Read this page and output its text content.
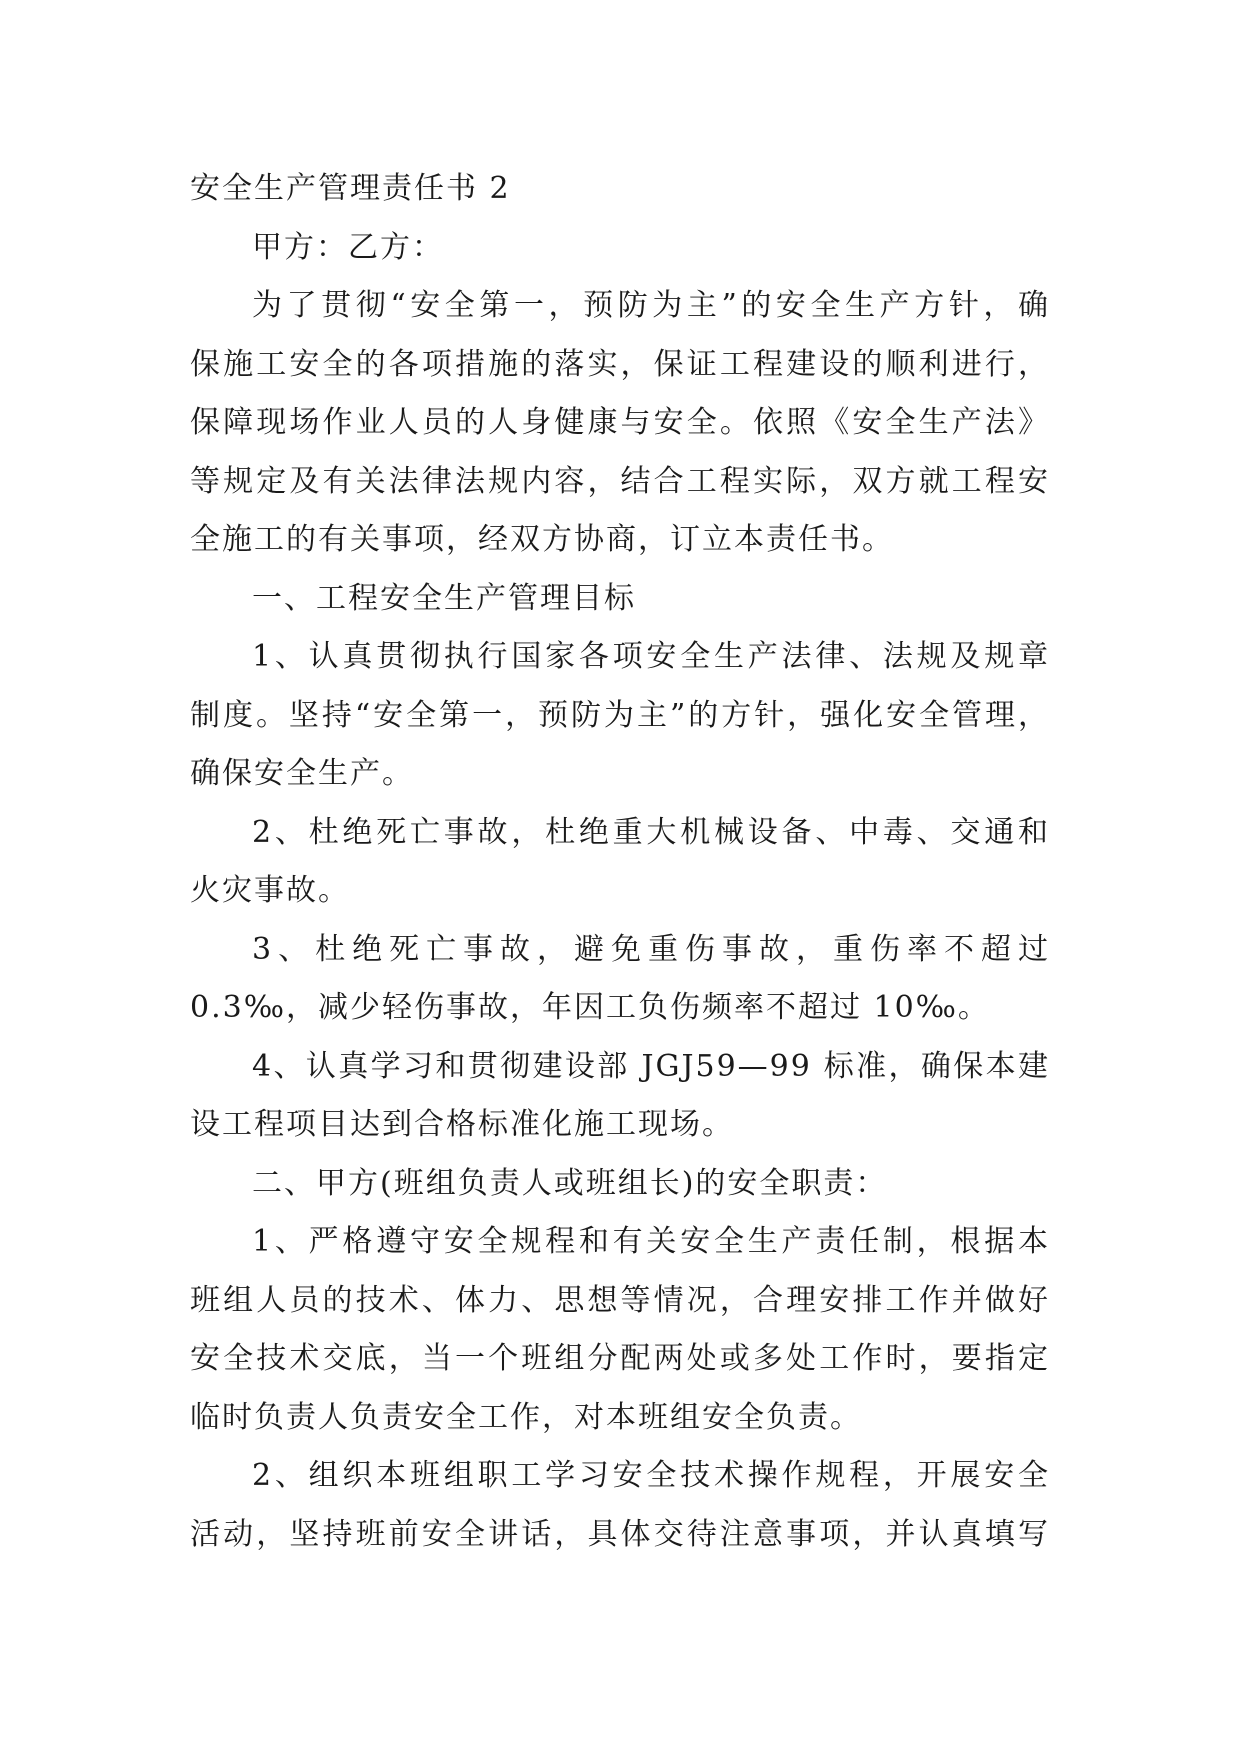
安全生产管理责任书 2
甲方：乙方：
为了贯彻“安全第一，预防为主”的安全生产方针，确
保施工安全的各项措施的落实，保证工程建设的顺利进行，
保障现场作业人员的人身健康与安全。依照《安全生产法》
等规定及有关法律法规内容，结合工程实际，双方就工程安
全施工的有关事项，经双方协商，订立本责任书。
一、工程安全生产管理目标
1、认真贯彻执行国家各项安全生产法律、法规及规章
制度。坚持“安全第一，预防为主”的方针，强化安全管理，
确保安全生产。
2、杜绝死亡事故，杜绝重大机械设备、中毒、交通和
火灾事故。
3、杜绝死亡事故，避免重伤事故，重伤率不超过
0.3‰，减少轻伤事故，年因工负伤频率不超过 10‰。
4、认真学习和贯彻建设部 JGJ59—99 标准，确保本建
设工程项目达到合格标准化施工现场。
二、甲方(班组负责人或班组长)的安全职责：
1、严格遵守安全规程和有关安全生产责任制，根据本
班组人员的技术、体力、思想等情况，合理安排工作并做好
安全技术交底，当一个班组分配两处或多处工作时，要指定
临时负责人负责安全工作，对本班组安全负责。
2、组织本班组职工学习安全技术操作规程，开展安全
活动，坚持班前安全讲话，具体交待注意事项，并认真填写
